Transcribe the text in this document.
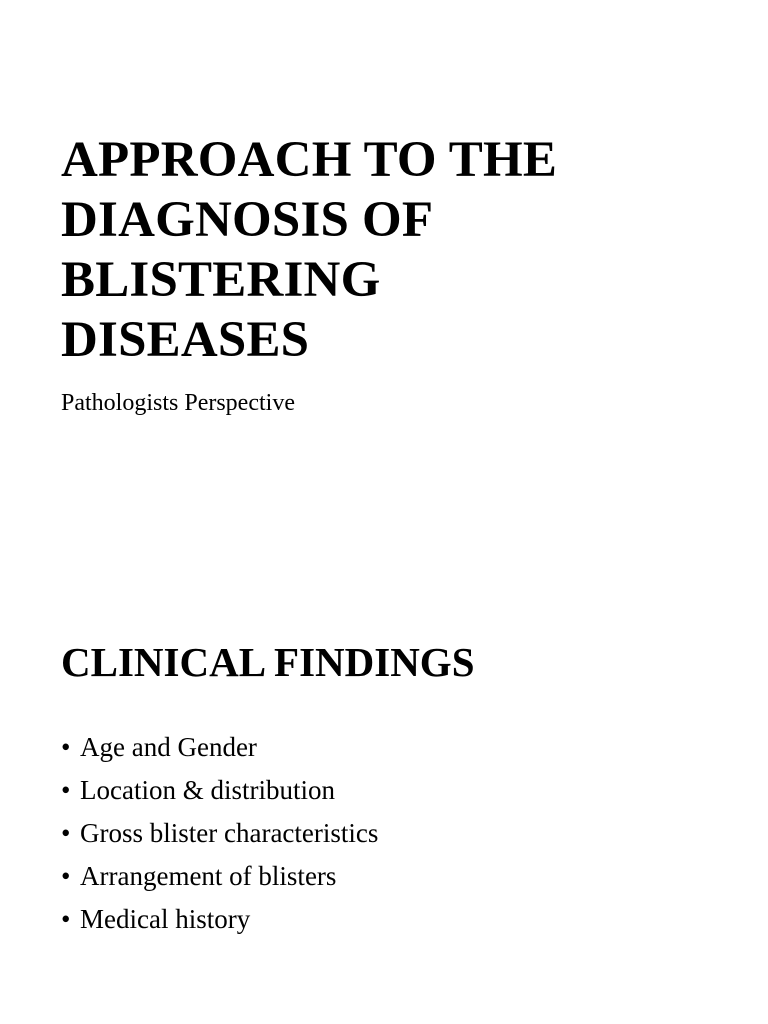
APPROACH TO THE
DIAGNOSIS OF
BLISTERING
DISEASES

Pathologists Perspective

CLINICAL FINDINGS
• Age and Gender
• Location & distribution
• Gross blister characteristics
• Arrangement of blisters
• Medical history
